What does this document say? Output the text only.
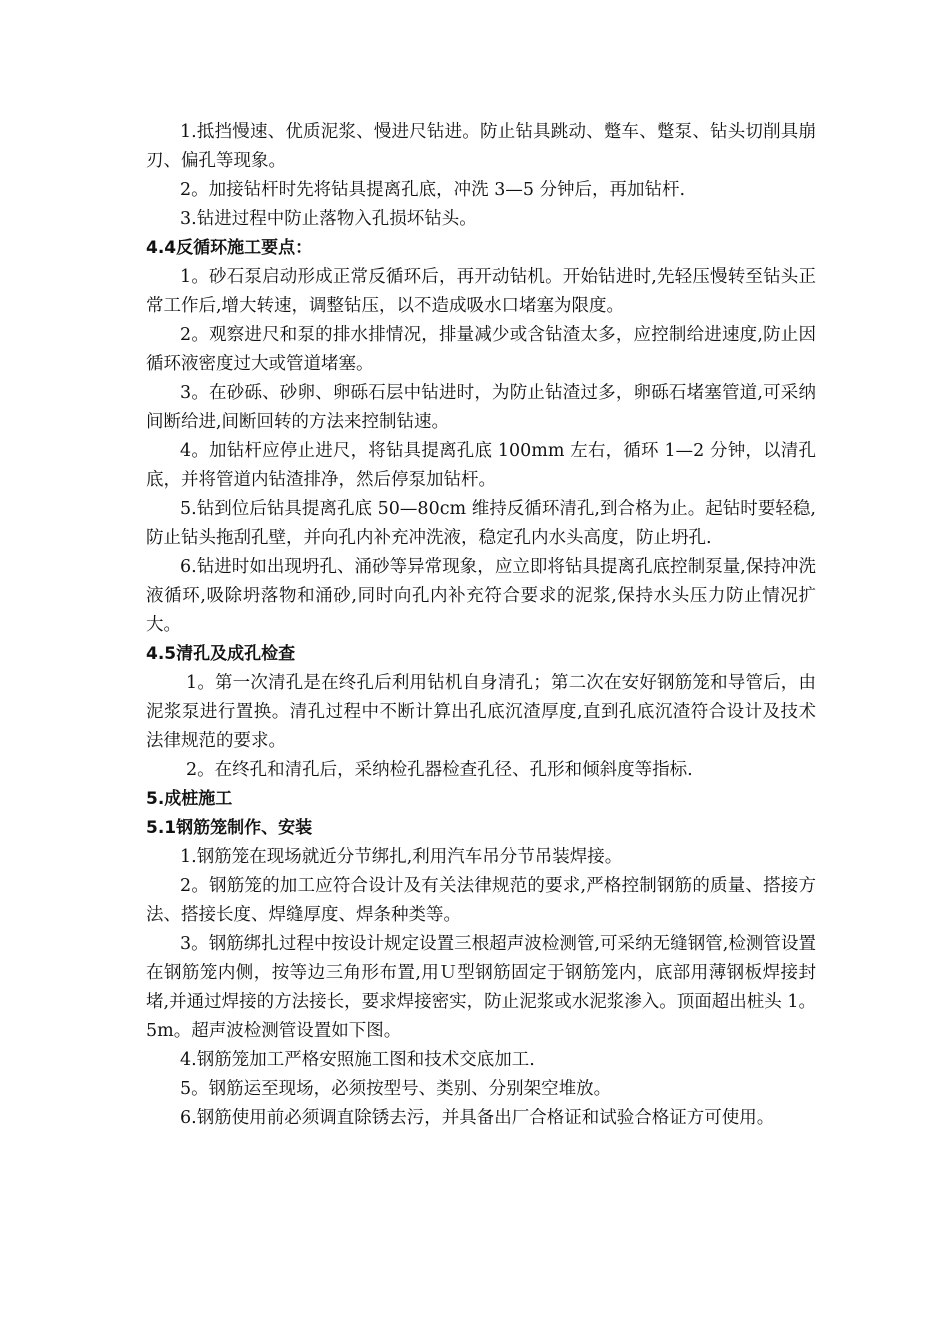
1.抵挡慢速、优质泥浆、慢进尺钻进。防止钻具跳动、蹩车、蹩泵、钻头切削具崩刃、偏孔等现象。

2。加接钻杆时先将钻具提离孔底，冲洗 3—5 分钟后，再加钻杆.

3.钻进过程中防止落物入孔损坏钻头。

4.4反循环施工要点：

1。砂石泵启动形成正常反循环后，再开动钻机。开始钻进时,先轻压慢转至钻头正常工作后,增大转速，调整钻压，以不造成吸水口堵塞为限度。

2。观察进尺和泵的排水排情况，排量减少或含钻渣太多，应控制给进速度,防止因循环液密度过大或管道堵塞。

3。在砂砾、砂卵、卵砾石层中钻进时，为防止钻渣过多，卵砾石堵塞管道,可采纳间断给进,间断回转的方法来控制钻速。

4。加钻杆应停止进尺，将钻具提离孔底 100mm 左右，循环 1—2 分钟，以清孔底，并将管道内钻渣排净，然后停泵加钻杆。

5.钻到位后钻具提离孔底 50—80cm 维持反循环清孔,到合格为止。起钻时要轻稳,防止钻头拖刮孔壁，并向孔内补充冲洗液，稳定孔内水头高度，防止坍孔.

6.钻进时如出现坍孔、涌砂等异常现象，应立即将钻具提离孔底控制泵量,保持冲洗液循环,吸除坍落物和涌砂,同时向孔内补充符合要求的泥浆,保持水头压力防止情况扩大。

4.5清孔及成孔检查

1。第一次清孔是在终孔后利用钻机自身清孔；第二次在安好钢筋笼和导管后，由泥浆泵进行置换。清孔过程中不断计算出孔底沉渣厚度,直到孔底沉渣符合设计及技术法律规范的要求。

2。在终孔和清孔后，采纳检孔器检查孔径、孔形和倾斜度等指标.

5.成桩施工

5.1钢筋笼制作、安装

1.钢筋笼在现场就近分节绑扎,利用汽车吊分节吊装焊接。

2。钢筋笼的加工应符合设计及有关法律规范的要求,严格控制钢筋的质量、搭接方法、搭接长度、焊缝厚度、焊条种类等。

3。钢筋绑扎过程中按设计规定设置三根超声波检测管,可采纳无缝钢管,检测管设置在钢筋笼内侧，按等边三角形布置,用Ｕ型钢筋固定于钢筋笼内，底部用薄钢板焊接封堵,并通过焊接的方法接长，要求焊接密实，防止泥浆或水泥浆渗入。顶面超出桩头 1。5m。超声波检测管设置如下图。

4.钢筋笼加工严格安照施工图和技术交底加工.

5。钢筋运至现场，必须按型号、类别、分别架空堆放。

6.钢筋使用前必须调直除锈去污，并具备出厂合格证和试验合格证方可使用。
